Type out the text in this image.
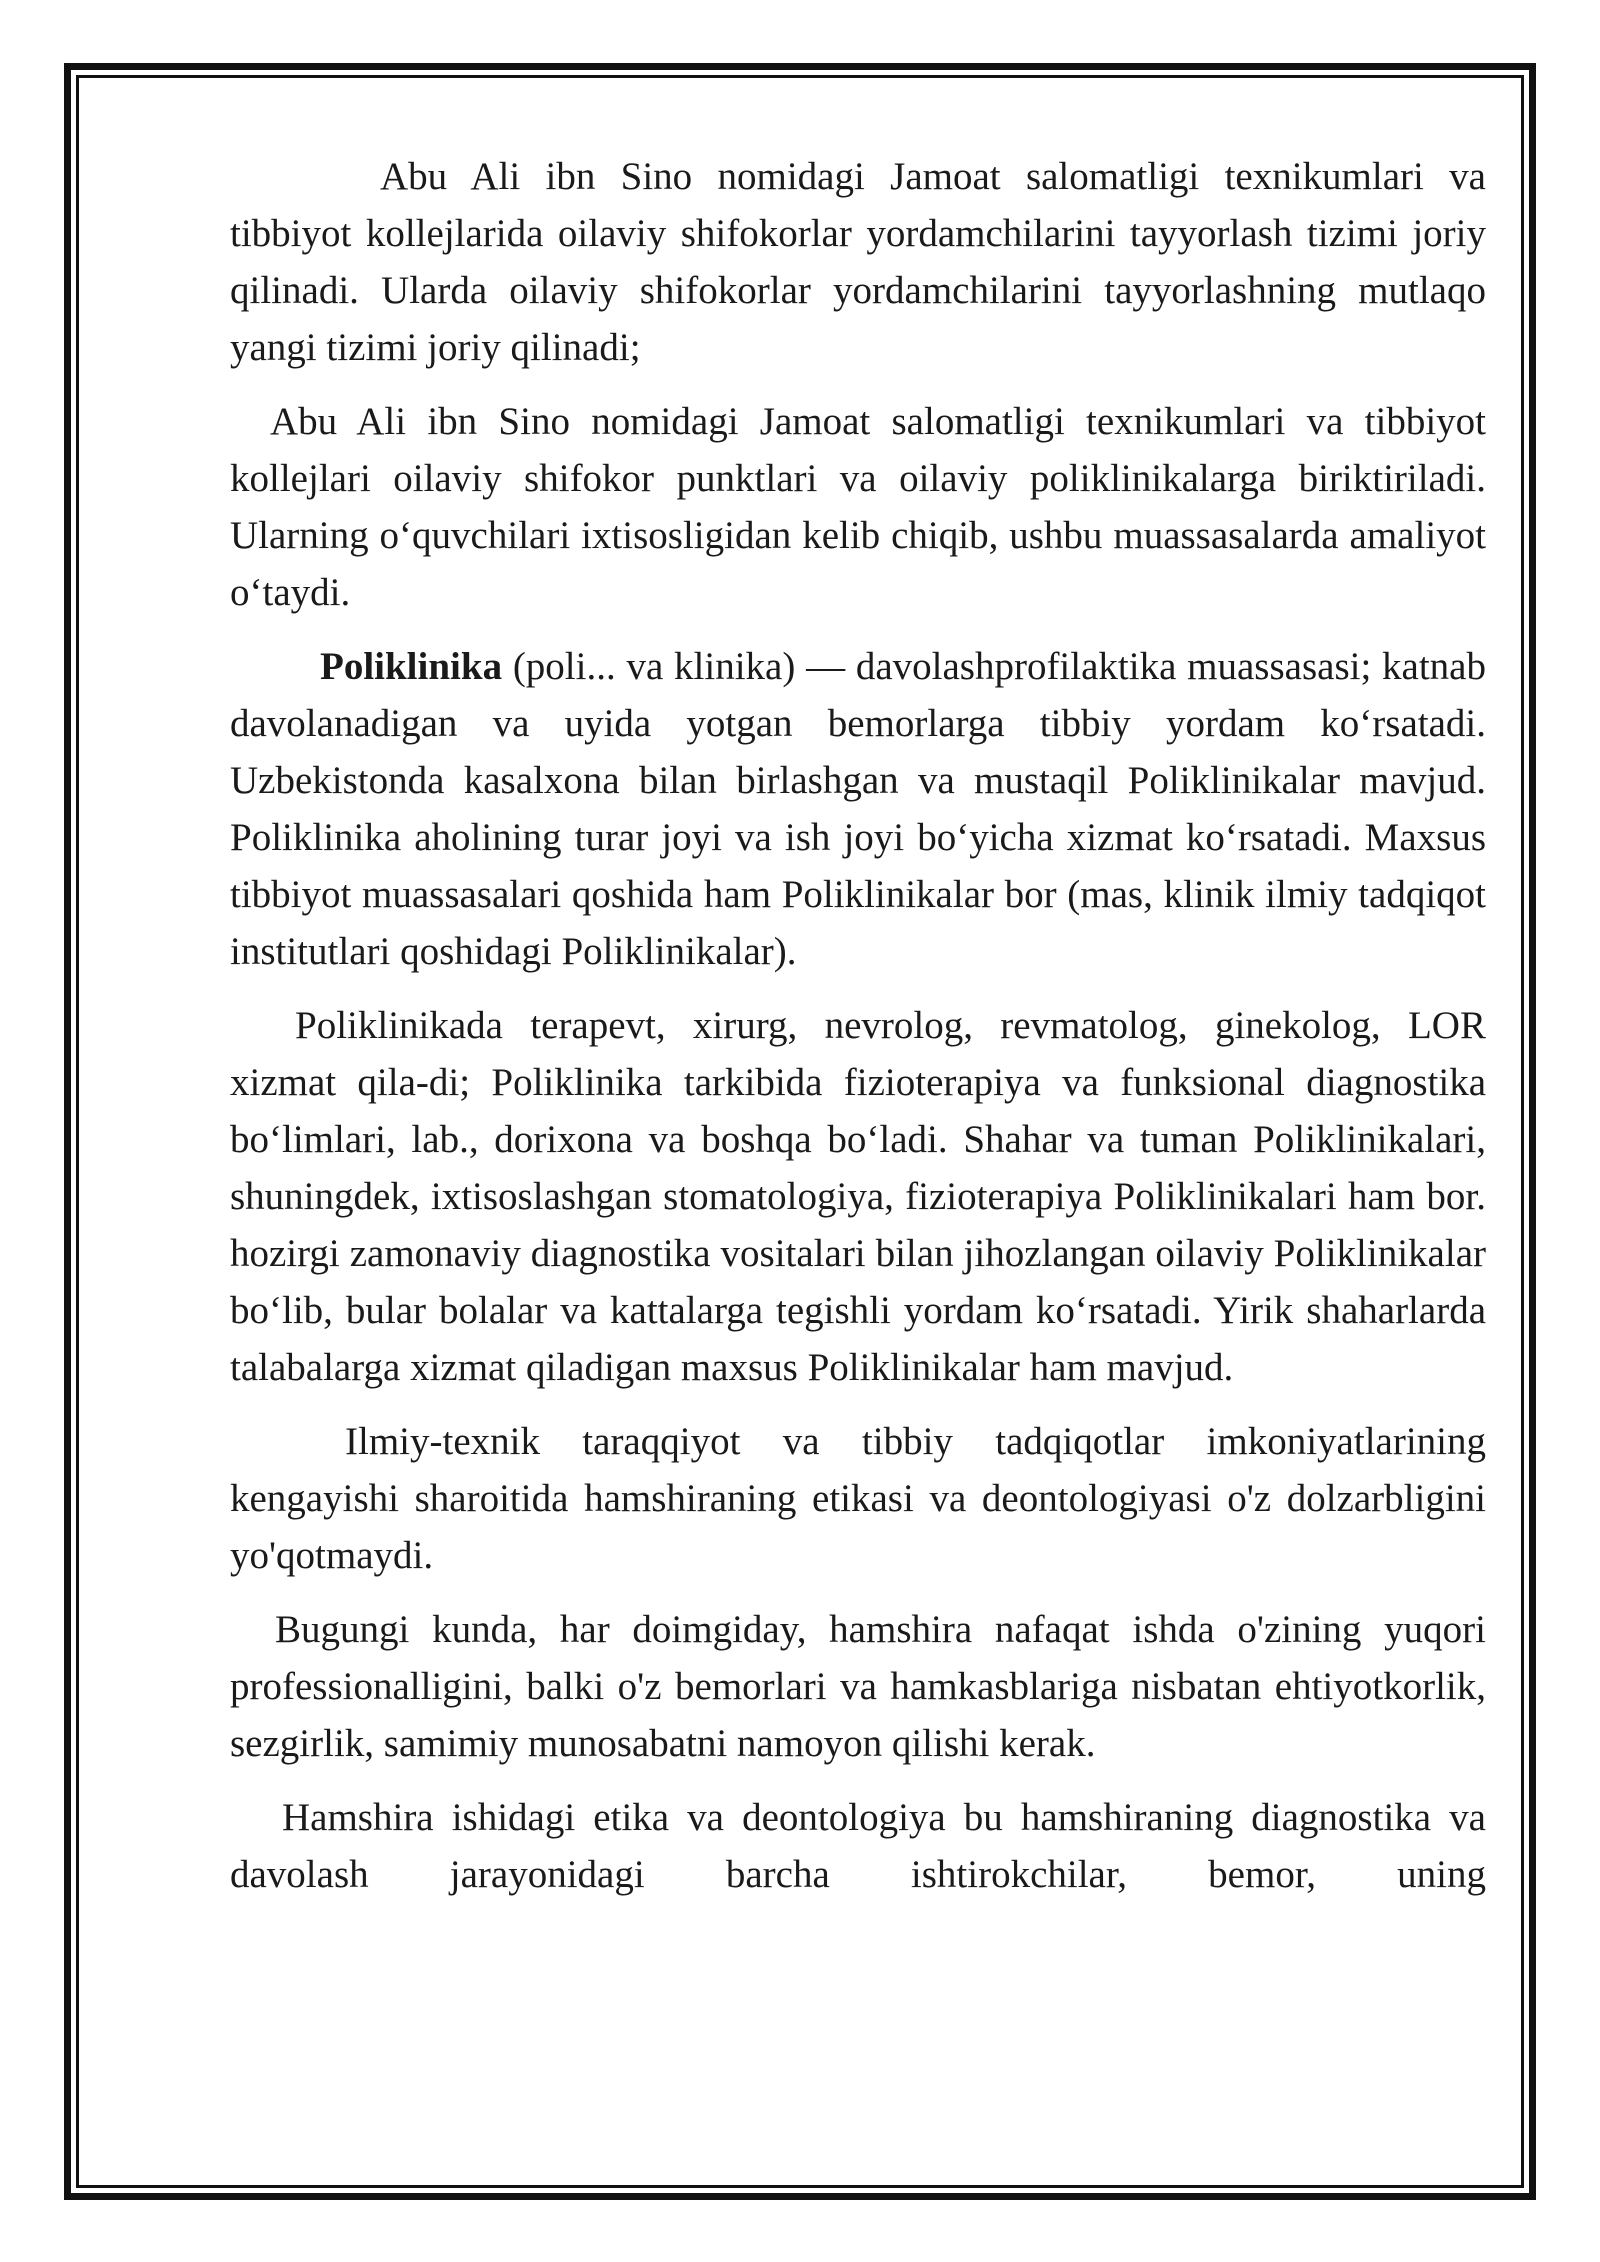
Abu Ali ibn Sino nomidagi Jamoat salomatligi texnikumlari va tibbiyot kollejlarida oilaviy shifokorlar yordamchilarini tayyorlash tizimi joriy qilinadi. Ularda oilaviy shifokorlar yordamchilarini tayyorlashning mutlaqo yangi tizimi joriy qilinadi;

Abu Ali ibn Sino nomidagi Jamoat salomatligi texnikumlari va tibbiyot kollejlari oilaviy shifokor punktlari va oilaviy poliklinikalarga biriktiriladi. Ularning o‘quvchilari ixtisosligidan kelib chiqib, ushbu muassasalarda amaliyot o‘taydi.

Poliklinika (poli... va klinika) — davolashprofilaktika muassasasi; katnab davolanadigan va uyida yotgan bemorlarga tibbiy yordam ko‘rsatadi. Uzbekistonda kasalxona bilan birlashgan va mustaqil Poliklinikalar mavjud. Poliklinika aholining turar joyi va ish joyi bo‘yicha xizmat ko‘rsatadi. Maxsus tibbiyot muassasalari qoshida ham Poliklinikalar bor (mas, klinik ilmiy tadqiqot institutlari qoshidagi Poliklinikalar).

Poliklinikada terapevt, xirurg, nevrolog, revmatolog, ginekolog, LOR xizmat qila-di; Poliklinika tarkibida fizioterapiya va funksional diagnostika bo‘limlari, lab., dorixona va boshqa bo‘ladi. Shahar va tuman Poliklinikalari, shuningdek, ixtisoslashgan stomatologiya, fizioterapiya Poliklinikalari ham bor. hozirgi zamonaviy diagnostika vositalari bilan jihozlangan oilaviy Poliklinikalar bo‘lib, bular bolalar va kattalarga tegishli yordam ko‘rsatadi. Yirik shaharlarda talabalarga xizmat qiladigan maxsus Poliklinikalar ham mavjud.

Ilmiy-texnik taraqqiyot va tibbiy tadqiqotlar imkoniyatlarining kengayishi sharoitida hamshiraning etikasi va deontologiyasi o'z dolzarbligini yo'qotmaydi.

Bugungi kunda, har doimgiday, hamshira nafaqat ishda o'zining yuqori professionalligini, balki o'z bemorlari va hamkasblariga nisbatan ehtiyotkorlik, sezgirlik, samimiy munosabatni namoyon qilishi kerak.

Hamshira ishidagi etika va deontologiya bu hamshiraning diagnostika va davolash jarayonidagi barcha ishtirokchilar, bemor, uning
